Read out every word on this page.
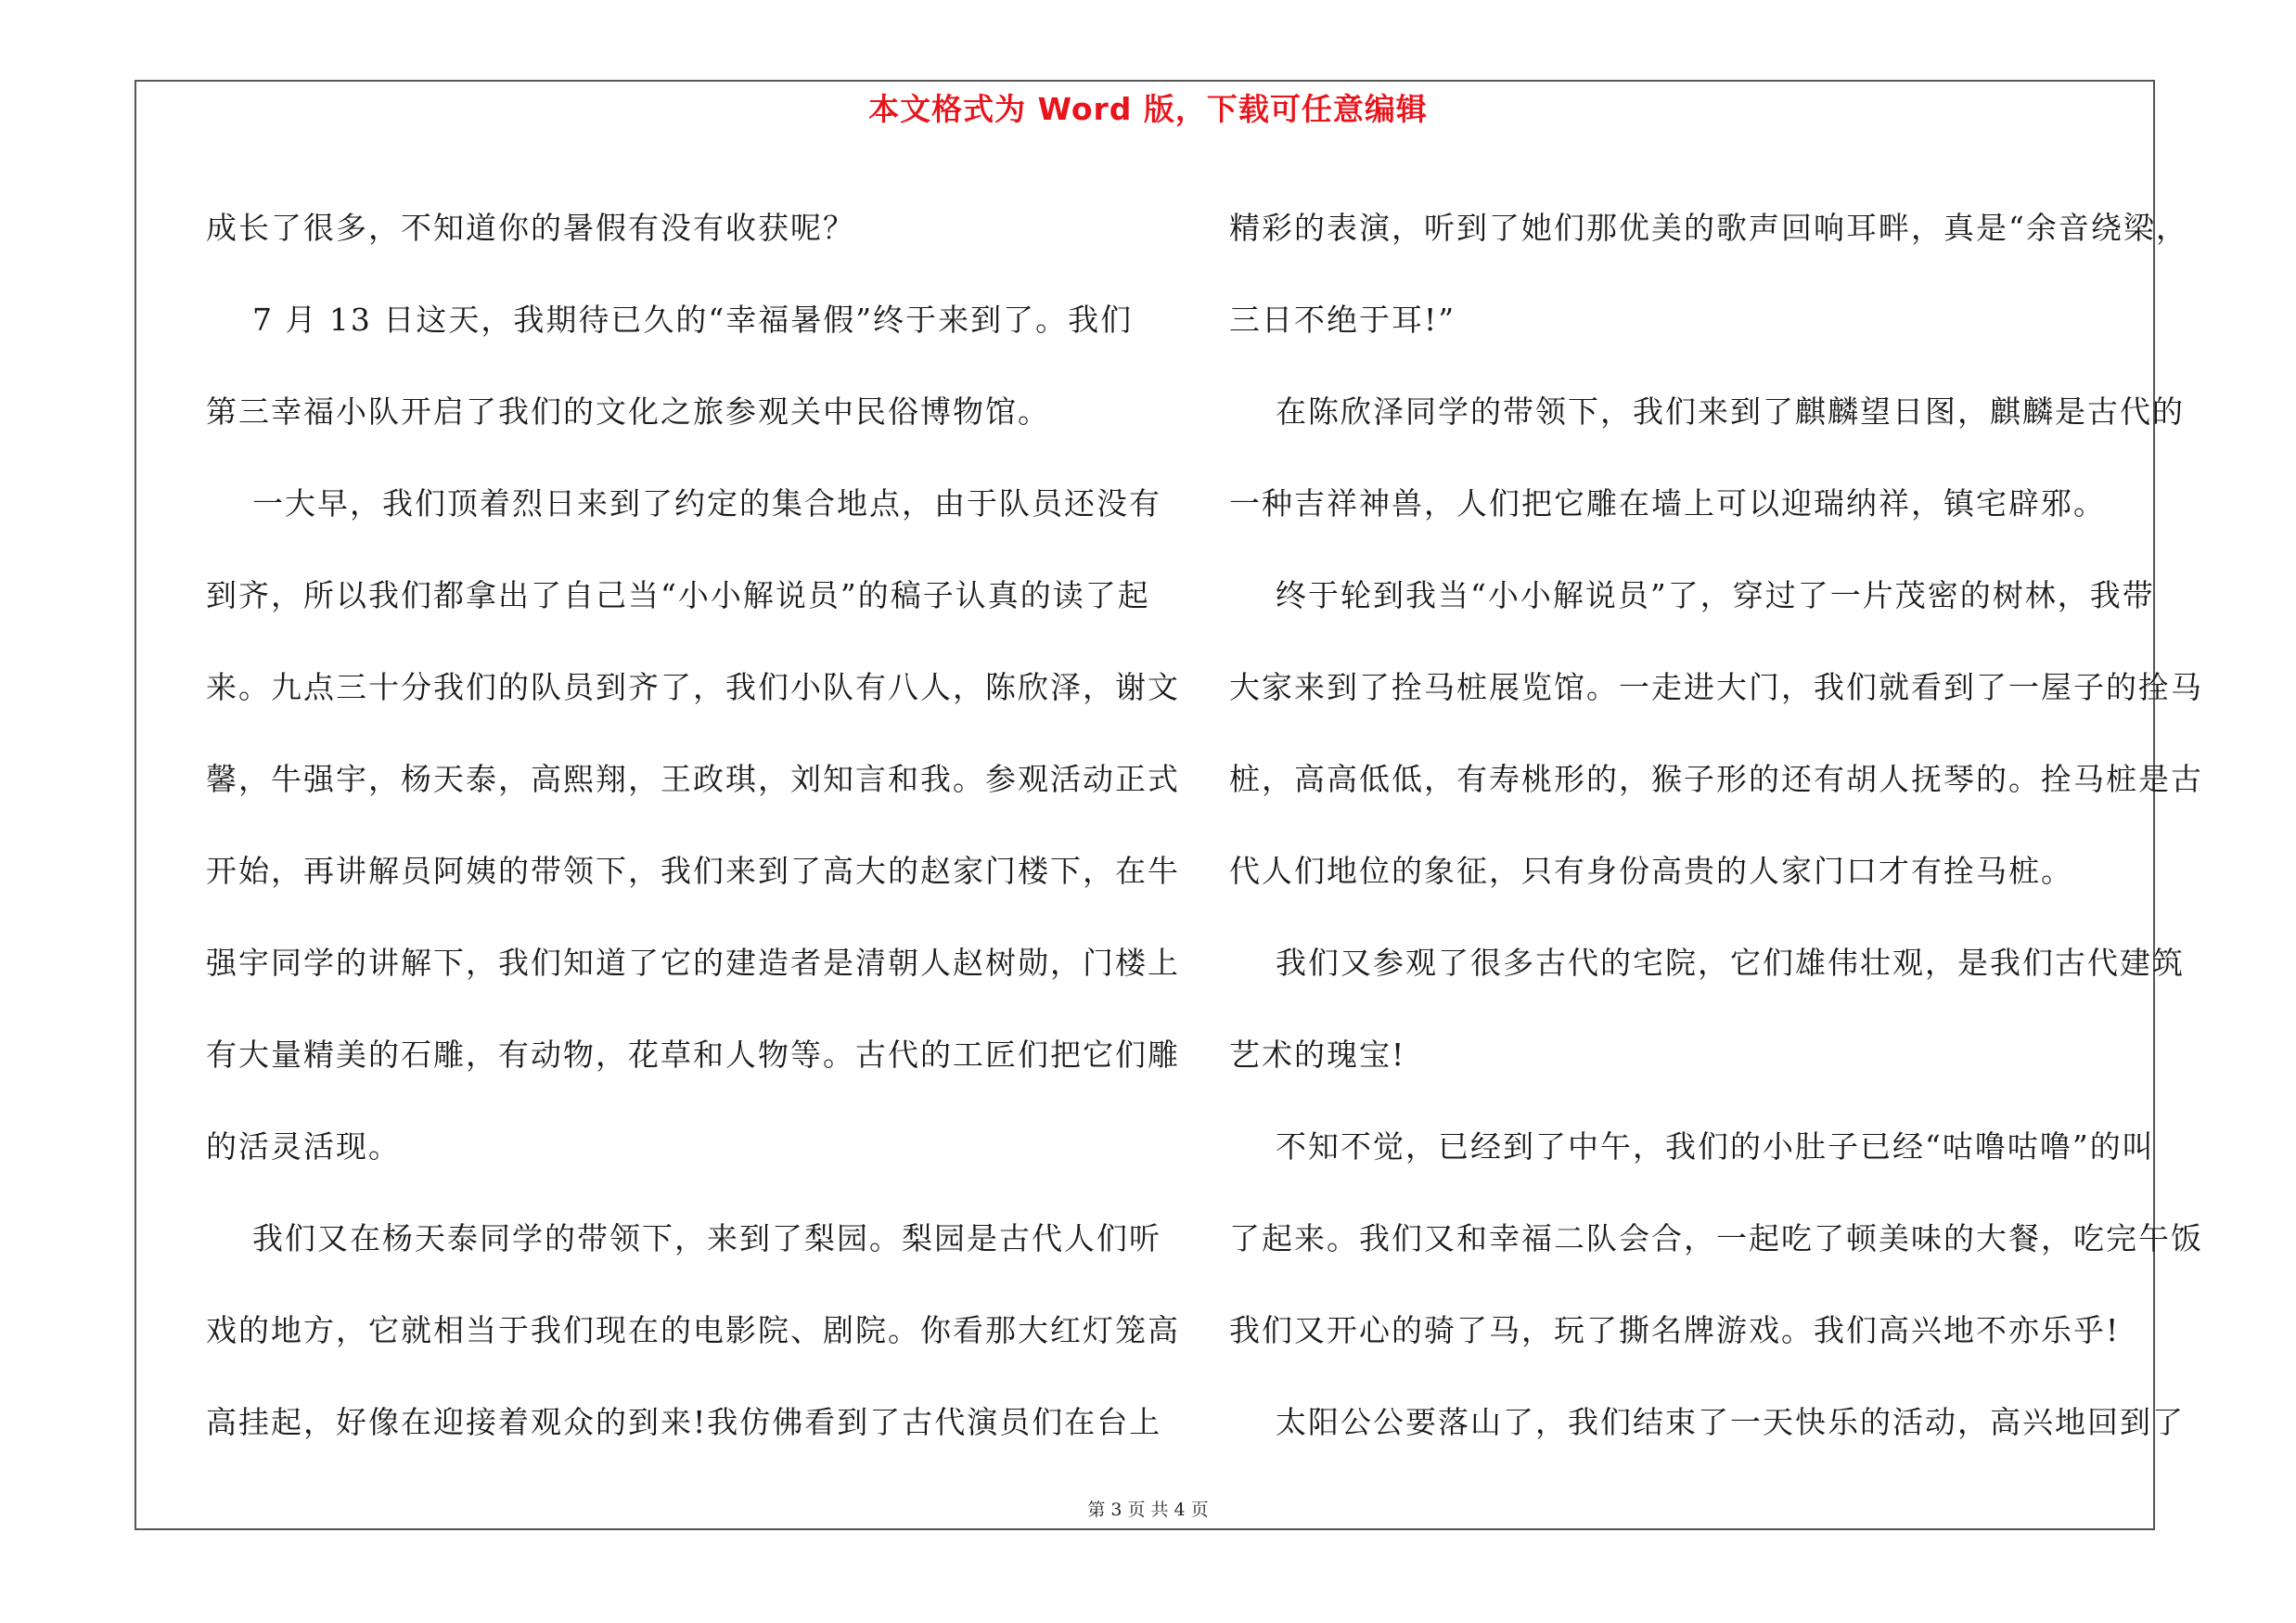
本文格式为 Word 版，下载可任意编辑

成长了很多，不知道你的暑假有没有收获呢？

7 月 13 日这天，我期待已久的“幸福暑假”终于来到了。我们

第三幸福小队开启了我们的文化之旅参观关中民俗博物馆。

一大早，我们顶着烈日来到了约定的集合地点，由于队员还没有

到齐，所以我们都拿出了自己当“小小解说员”的稿子认真的读了起

来。九点三十分我们的队员到齐了，我们小队有八人，陈欣泽，谢文

馨，牛强宇，杨天泰，高熙翔，王政琪，刘知言和我。参观活动正式

开始，再讲解员阿姨的带领下，我们来到了高大的赵家门楼下，在牛

强宇同学的讲解下，我们知道了它的建造者是清朝人赵树勋，门楼上

有大量精美的石雕，有动物，花草和人物等。古代的工匠们把它们雕

的活灵活现。

我们又在杨天泰同学的带领下，来到了梨园。梨园是古代人们听

戏的地方，它就相当于我们现在的电影院、剧院。你看那大红灯笼高

高挂起，好像在迎接着观众的到来!我仿佛看到了古代演员们在台上

精彩的表演，听到了她们那优美的歌声回响耳畔，真是“余音绕梁，

三日不绝于耳!”

在陈欣泽同学的带领下，我们来到了麒麟望日图，麒麟是古代的

一种吉祥神兽，人们把它雕在墙上可以迎瑞纳祥，镇宅辟邪。

终于轮到我当“小小解说员”了，穿过了一片茂密的树林，我带

大家来到了拴马桩展览馆。一走进大门，我们就看到了一屋子的拴马

桩，高高低低，有寿桃形的，猴子形的还有胡人抚琴的。拴马桩是古

代人们地位的象征，只有身份高贵的人家门口才有拴马桩。

我们又参观了很多古代的宅院，它们雄伟壮观，是我们古代建筑

艺术的瑰宝!

不知不觉，已经到了中午，我们的小肚子已经“咕噜咕噜”的叫

了起来。我们又和幸福二队会合，一起吃了顿美味的大餐，吃完午饭

我们又开心的骑了马，玩了撕名牌游戏。我们高兴地不亦乐乎!

太阳公公要落山了，我们结束了一天快乐的活动，高兴地回到了

第 3 页 共 4 页
